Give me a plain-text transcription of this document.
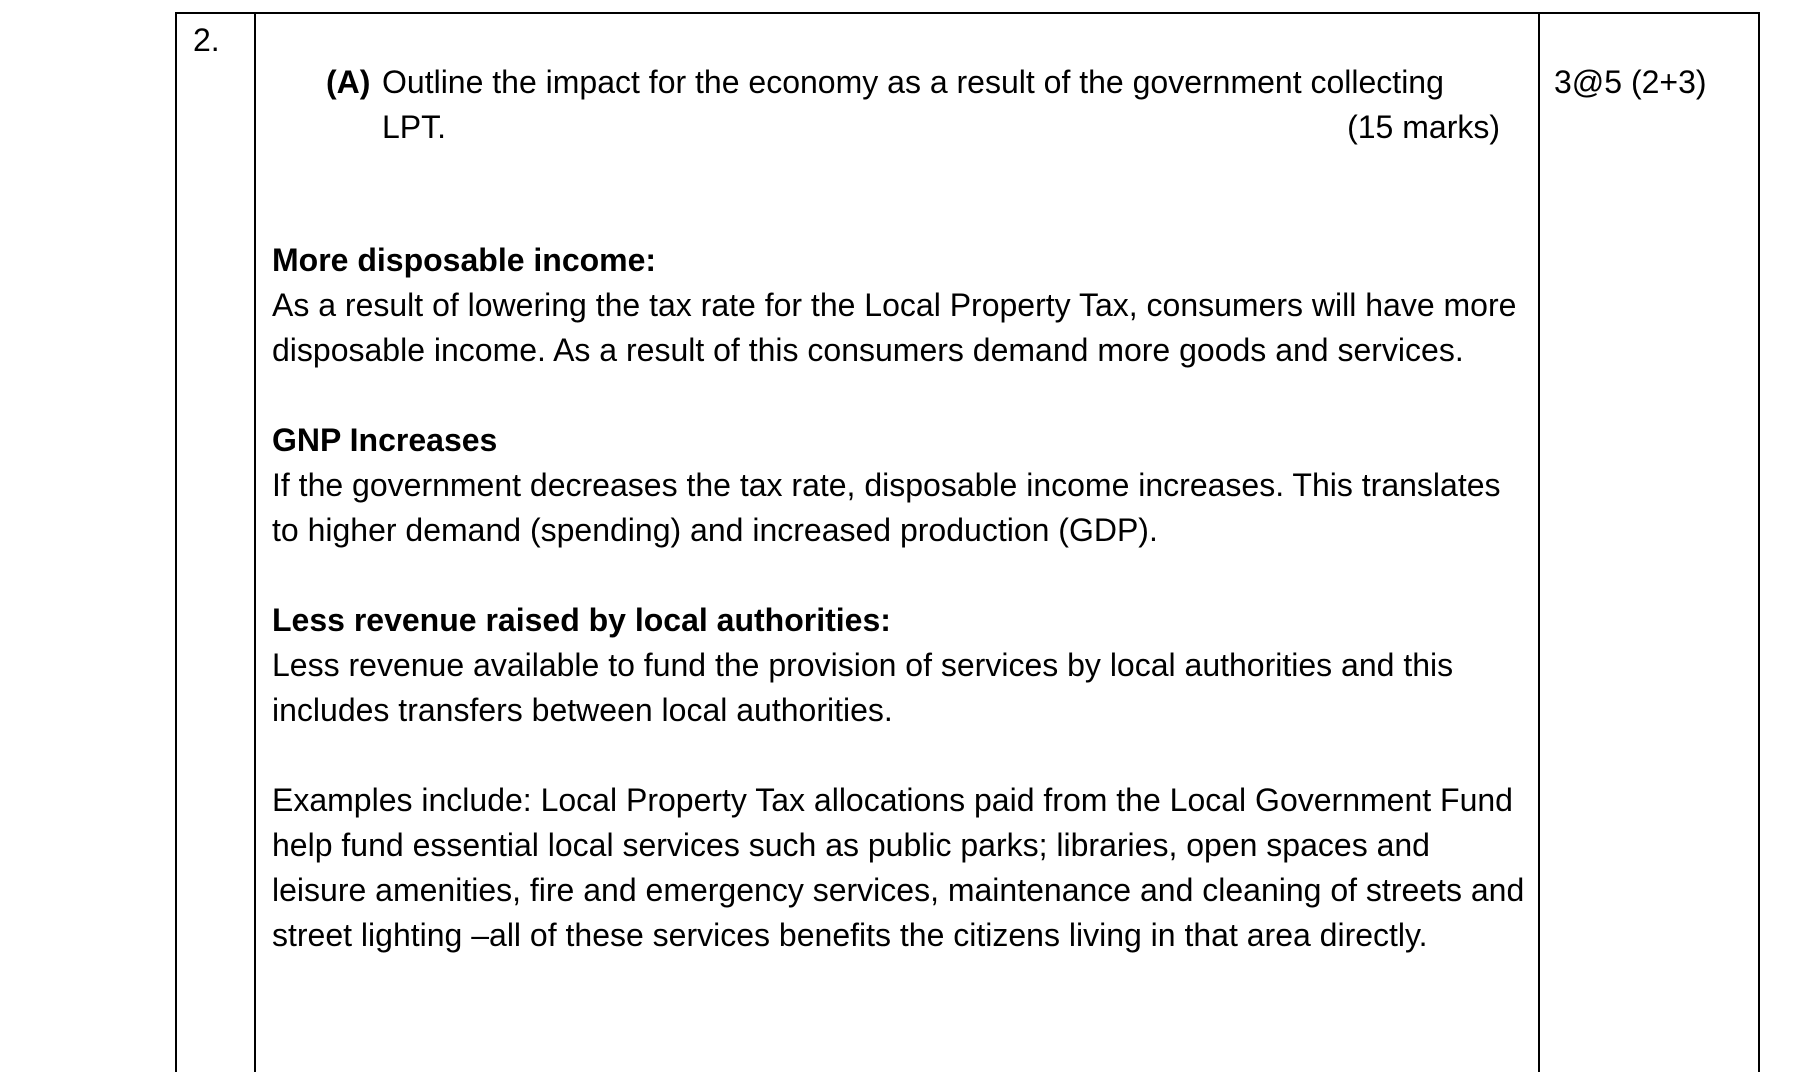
2.
(A) Outline the impact for the economy as a result of the government collecting LPT.	(15 marks)
3@5 (2+3)
More disposable income:
As a result of lowering the tax rate for the Local Property Tax, consumers will have more disposable income. As a result of this consumers demand more goods and services.
GNP Increases
If the government decreases the tax rate, disposable income increases. This translates to higher demand (spending) and increased production (GDP).
Less revenue raised by local authorities:
Less revenue available to fund the provision of services by local authorities and this includes transfers between local authorities.
Examples include: Local Property Tax allocations paid from the Local Government Fund help fund essential local services such as public parks; libraries, open spaces and leisure amenities, fire and emergency services, maintenance and cleaning of streets and street lighting –all of these services benefits the citizens living in that area directly.
